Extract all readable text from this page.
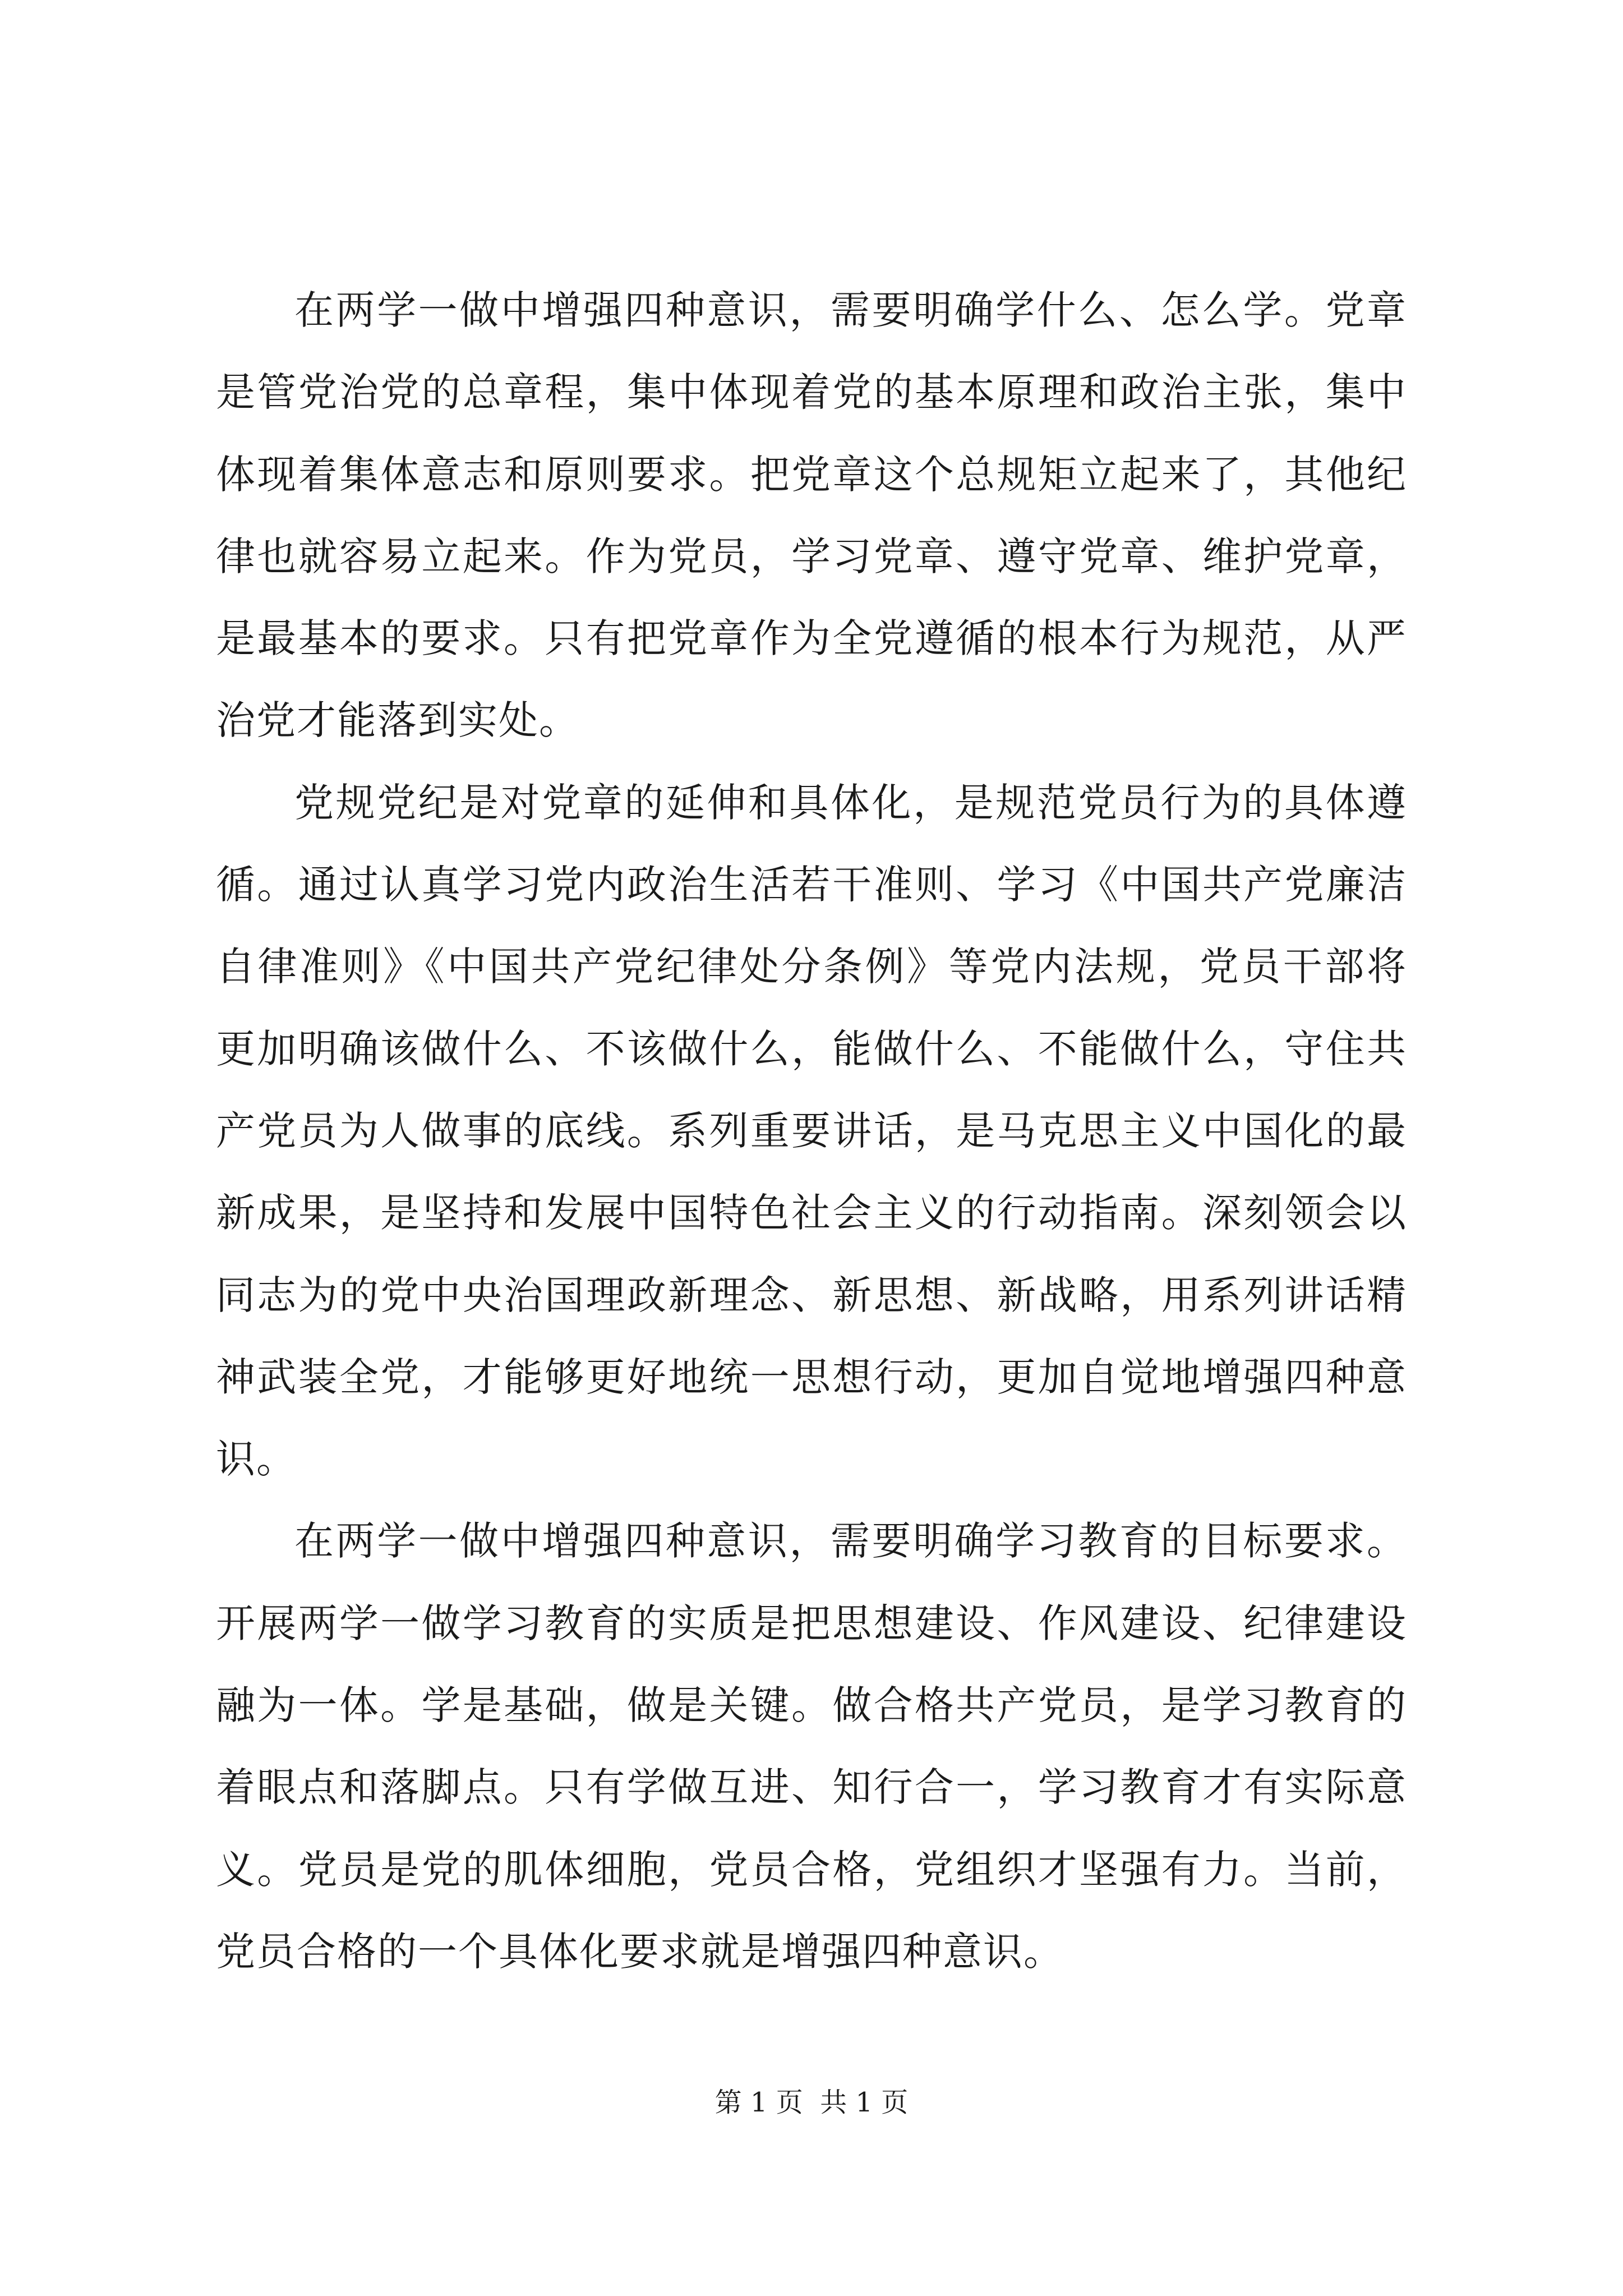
在两学一做中增强四种意识，需要明确学什么、怎么学。党章是管党治党的总章程，集中体现着党的基本原理和政治主张，集中体现着集体意志和原则要求。把党章这个总规矩立起来了，其他纪律也就容易立起来。作为党员，学习党章、遵守党章、维护党章，是最基本的要求。只有把党章作为全党遵循的根本行为规范，从严治党才能落到实处。

党规党纪是对党章的延伸和具体化，是规范党员行为的具体遵循。通过认真学习党内政治生活若干准则、学习《中国共产党廉洁自律准则》《中国共产党纪律处分条例》等党内法规，党员干部将更加明确该做什么、不该做什么，能做什么、不能做什么，守住共产党员为人做事的底线。系列重要讲话，是马克思主义中国化的最新成果，是坚持和发展中国特色社会主义的行动指南。深刻领会以同志为的党中央治国理政新理念、新思想、新战略，用系列讲话精神武装全党，才能够更好地统一思想行动，更加自觉地增强四种意识。

在两学一做中增强四种意识，需要明确学习教育的目标要求。开展两学一做学习教育的实质是把思想建设、作风建设、纪律建设融为一体。学是基础，做是关键。做合格共产党员，是学习教育的着眼点和落脚点。只有学做互进、知行合一，学习教育才有实际意义。党员是党的肌体细胞，党员合格，党组织才坚强有力。当前，党员合格的一个具体化要求就是增强四种意识。

第 1 页  共 1 页
